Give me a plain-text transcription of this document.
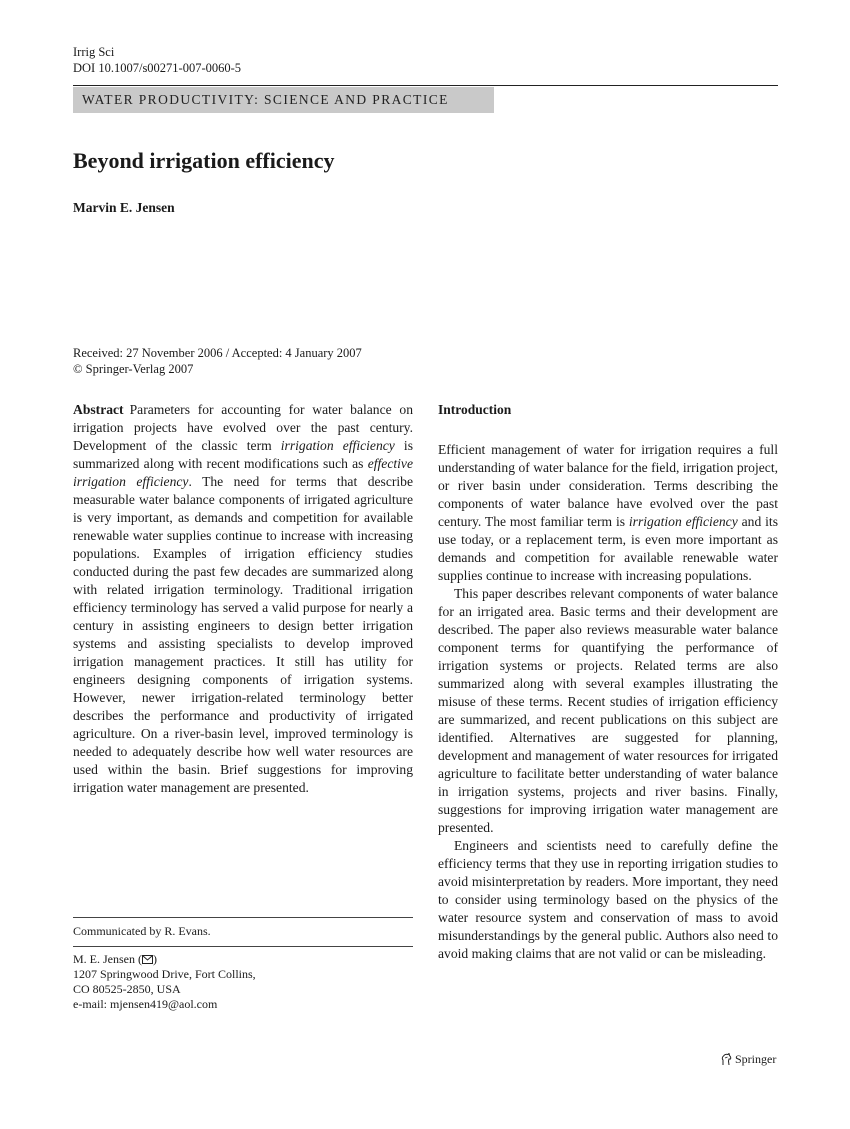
Irrig Sci
DOI 10.1007/s00271-007-0060-5
WATER PRODUCTIVITY: SCIENCE AND PRACTICE
Beyond irrigation efficiency
Marvin E. Jensen
Received: 27 November 2006 / Accepted: 4 January 2007
© Springer-Verlag 2007

Abstract Parameters for accounting for water balance on irrigation projects have evolved over the past century. Development of the classic term irrigation efficiency is summarized along with recent modifications such as effective irrigation efficiency. The need for terms that describe measurable water balance components of irrigated agriculture is very important, as demands and competition for available renewable water supplies continue to increase with increasing populations. Examples of irrigation efficiency studies conducted during the past few decades are summarized along with related irrigation terminology. Traditional irrigation efficiency terminology has served a valid purpose for nearly a century in assisting engineers to design better irrigation systems and assisting specialists to develop improved irrigation management practices. It still has utility for engineers designing components of irrigation systems. However, newer irrigation-related terminology better describes the performance and productivity of irrigated agriculture. On a river-basin level, improved terminology is needed to adequately describe how well water resources are used within the basin. Brief suggestions for improving irrigation water management are presented.

Communicated by R. Evans.
M. E. Jensen ( )
1207 Springwood Drive, Fort Collins,
CO 80525-2850, USA
e-mail: mjensen419@aol.com
Introduction

Efficient management of water for irrigation requires a full understanding of water balance for the field, irrigation project, or river basin under consideration. Terms describing the components of water balance have evolved over the past century. The most familiar term is irrigation efficiency and its use today, or a replacement term, is even more important as demands and competition for available renewable water supplies continue to increase with increasing populations.

This paper describes relevant components of water balance for an irrigated area. Basic terms and their development are described. The paper also reviews measurable water balance component terms for quantifying the performance of irrigation systems or projects. Related terms are also summarized along with several examples illustrating the misuse of these terms. Recent studies of irrigation efficiency are summarized, and recent publications on this subject are identified. Alternatives are suggested for planning, development and management of water resources for irrigated agriculture to facilitate better understanding of water balance in irrigation systems, projects and river basins. Finally, suggestions for improving irrigation water management are presented.

Engineers and scientists need to carefully define the efficiency terms that they use in reporting irrigation studies to avoid misinterpretation by readers. More important, they need to consider using terminology based on the physics of the water resource system and conservation of mass to avoid misunderstandings by the general public. Authors also need to avoid making claims that are not valid or can be misleading.

Springer
